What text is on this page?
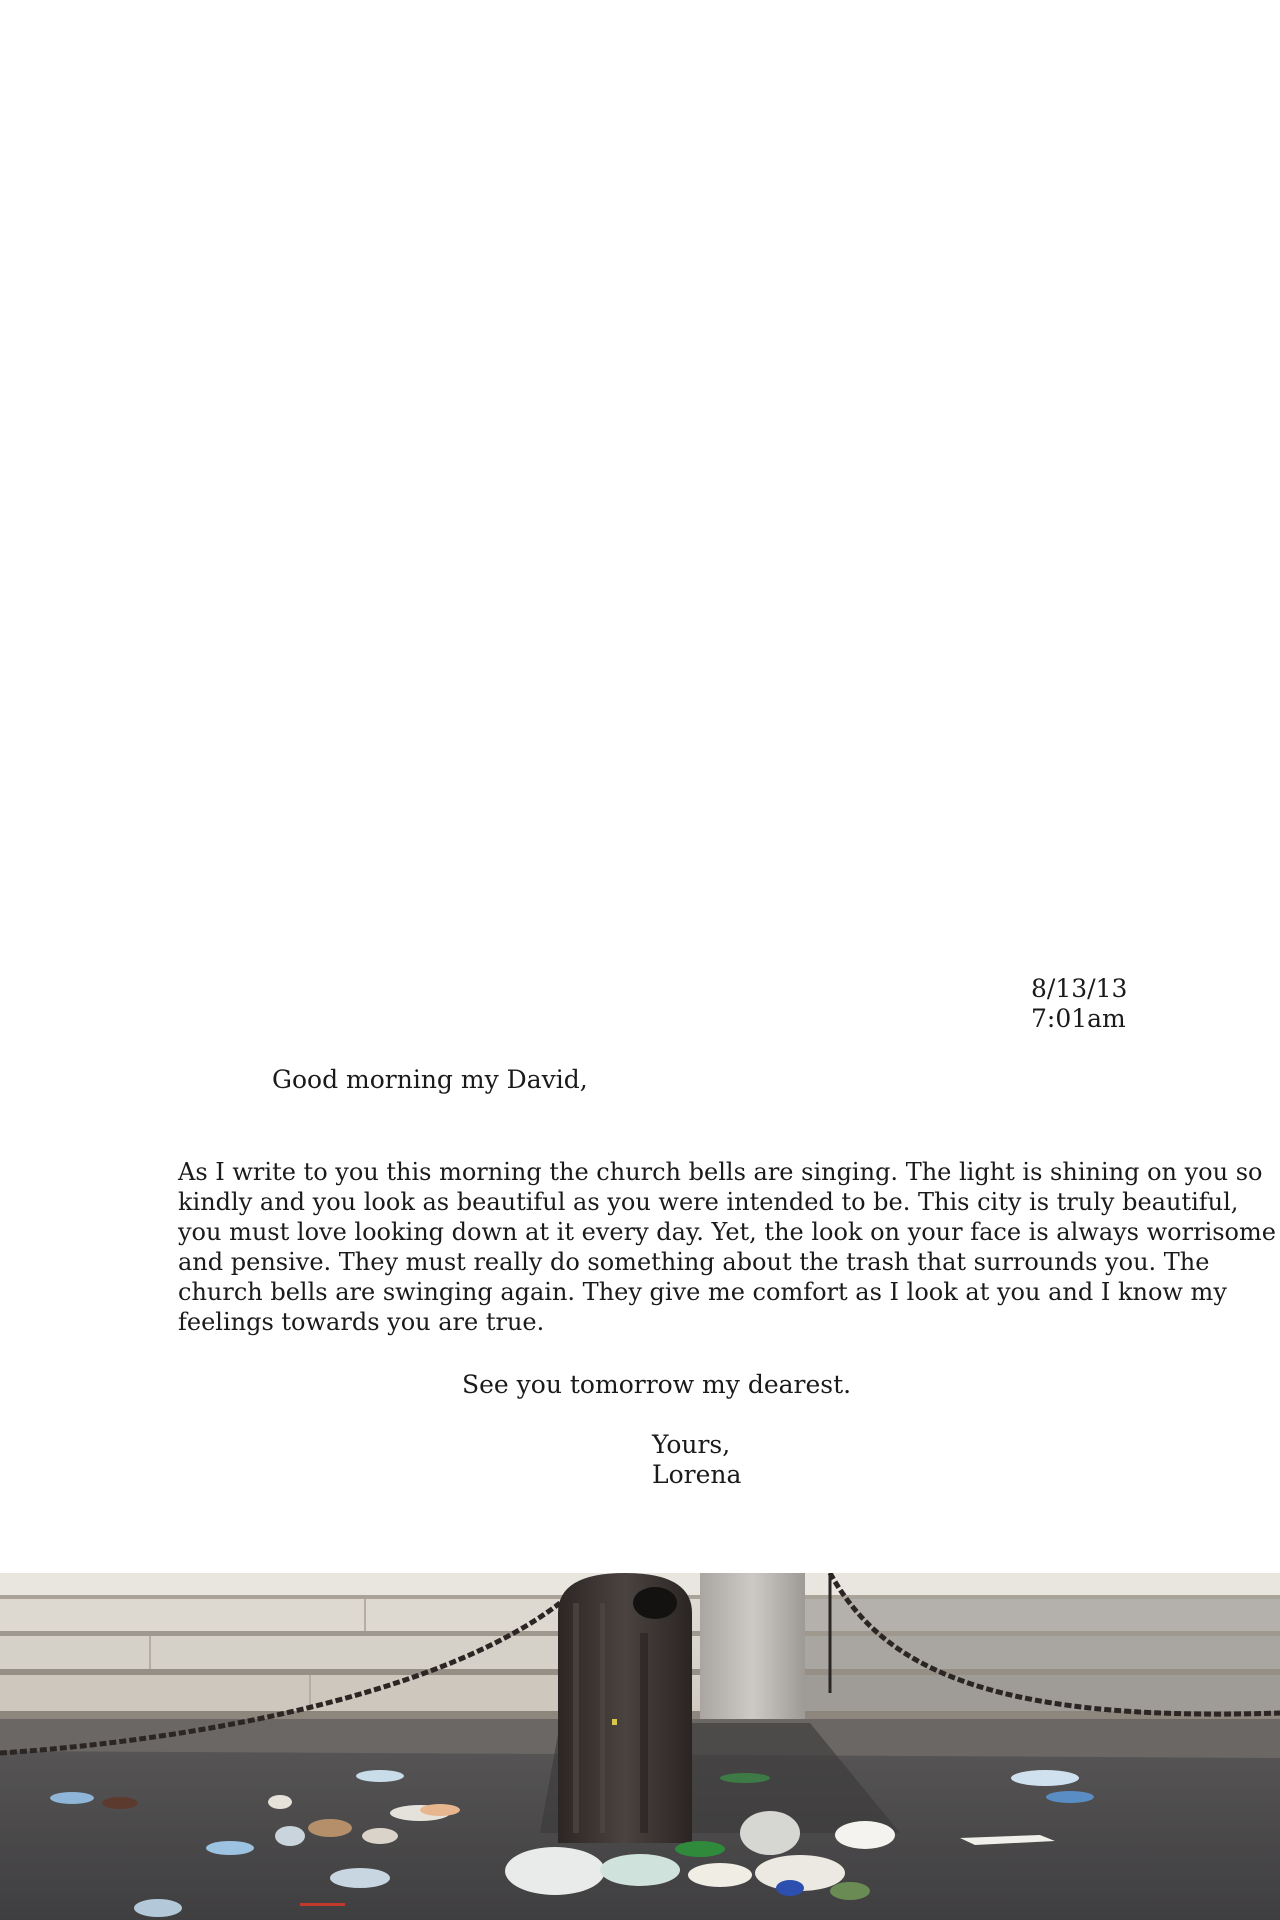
8/13/13
7:01am
Good morning my David,
As I write to you this morning the church bells are singing. The light is shining on you so
kindly and you look as beautiful as you were intended to be. This city is truly beautiful,
you must love looking down at it every day. Yet, the look on your face is always worrisome
and pensive. They must really do something about the trash that surrounds you. The
church bells are swinging again. They give me comfort as I look at you and I know my
feelings towards you are true.
See you tomorrow my dearest.
Yours,
Lorena
